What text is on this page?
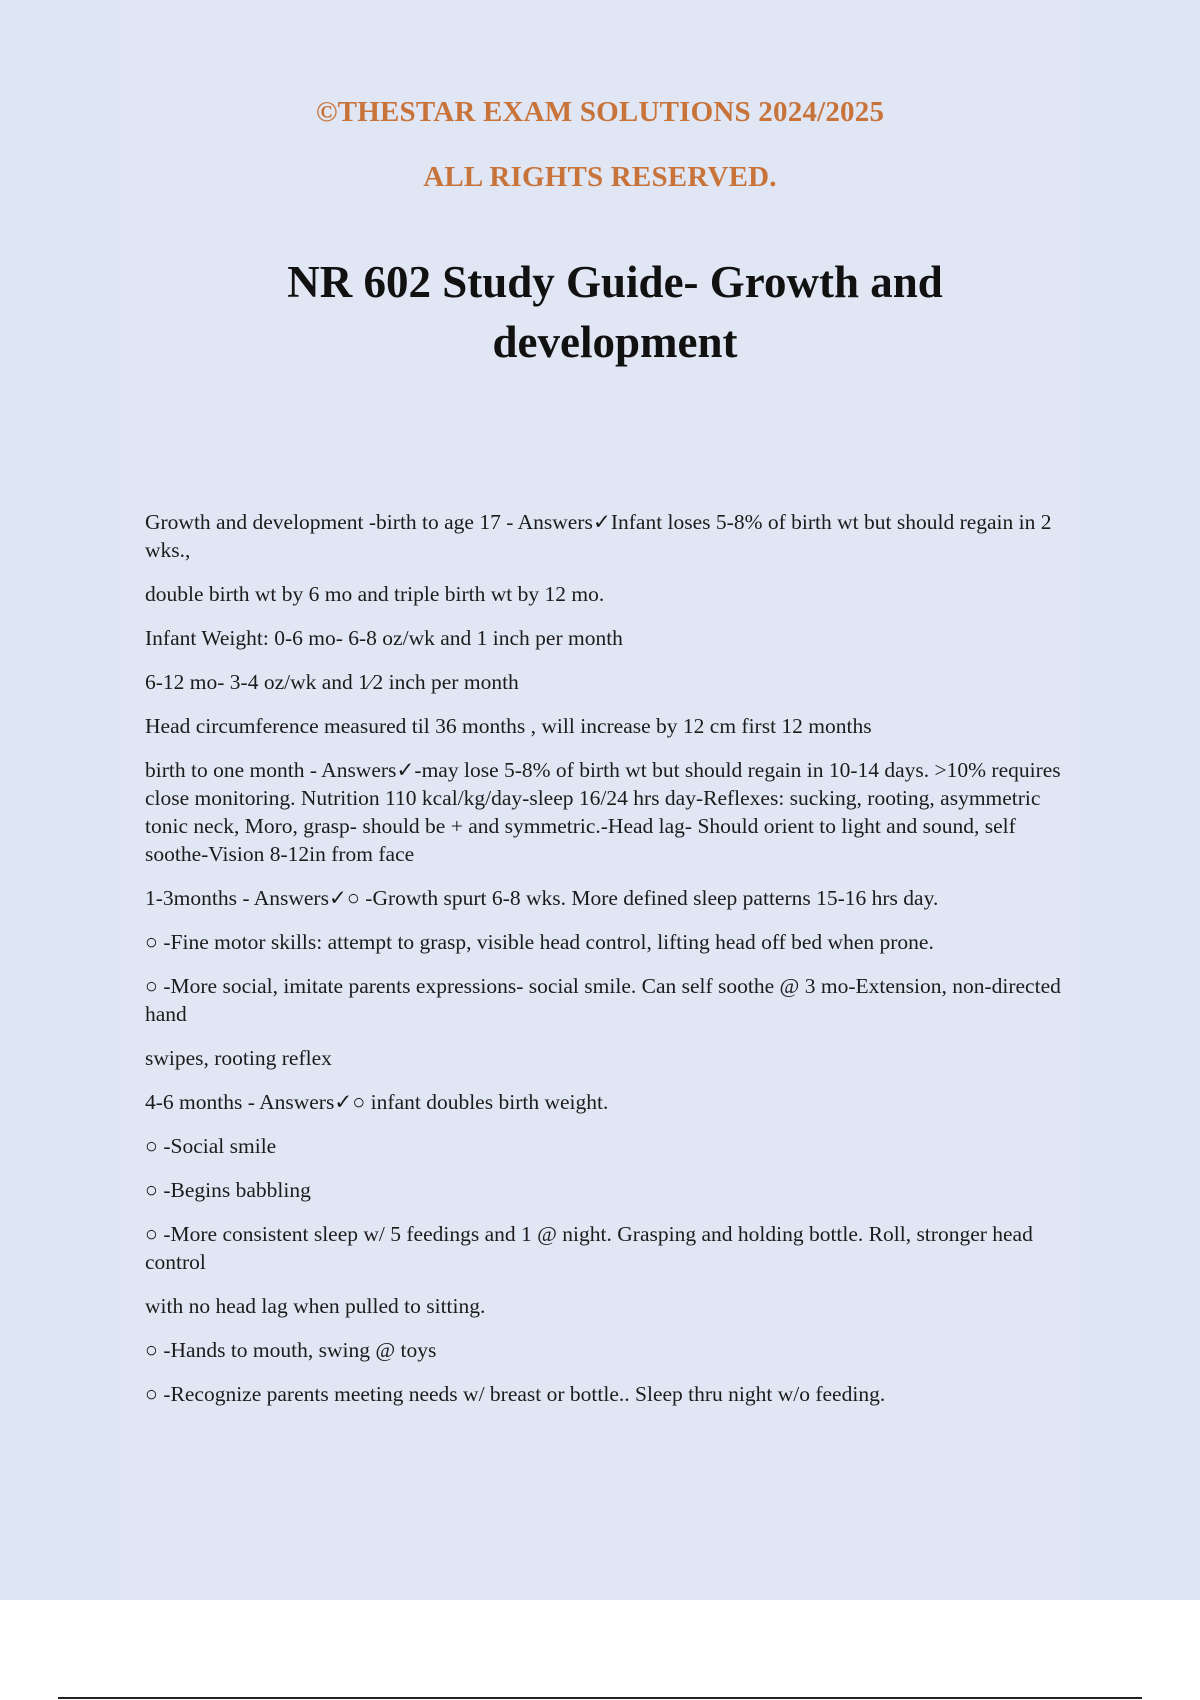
©THESTAR EXAM SOLUTIONS 2024/2025
ALL RIGHTS RESERVED.
NR 602 Study Guide- Growth and development

Growth and development -birth to age 17 - Answers✓Infant loses 5-8% of birth wt but should regain in 2 wks.,

double birth wt by 6 mo and triple birth wt by 12 mo.

Infant Weight: 0-6 mo- 6-8 oz/wk and 1 inch per month

6-12 mo- 3-4 oz/wk and 1⁄2 inch per month

Head circumference measured til 36 months , will increase by 12 cm first 12 months

birth to one month - Answers✓-may lose 5-8% of birth wt but should regain in 10-14 days. >10% requires close monitoring. Nutrition 110 kcal/kg/day-sleep 16/24 hrs day-Reflexes: sucking, rooting, asymmetric tonic neck, Moro, grasp- should be + and symmetric.-Head lag- Should orient to light and sound, self soothe-Vision 8-12in from face

1-3months - Answers✓○ -Growth spurt 6-8 wks. More defined sleep patterns 15-16 hrs day.

○ -Fine motor skills: attempt to grasp, visible head control, lifting head off bed when prone.

○ -More social, imitate parents expressions- social smile. Can self soothe @ 3 mo-Extension, non-directed hand

swipes, rooting reflex

4-6 months - Answers✓○ infant doubles birth weight.

○ -Social smile

○ -Begins babbling

○ -More consistent sleep w/ 5 feedings and 1 @ night. Grasping and holding bottle. Roll, stronger head control

with no head lag when pulled to sitting.

○ -Hands to mouth, swing @ toys

○ -Recognize parents meeting needs w/ breast or bottle.. Sleep thru night w/o feeding.
